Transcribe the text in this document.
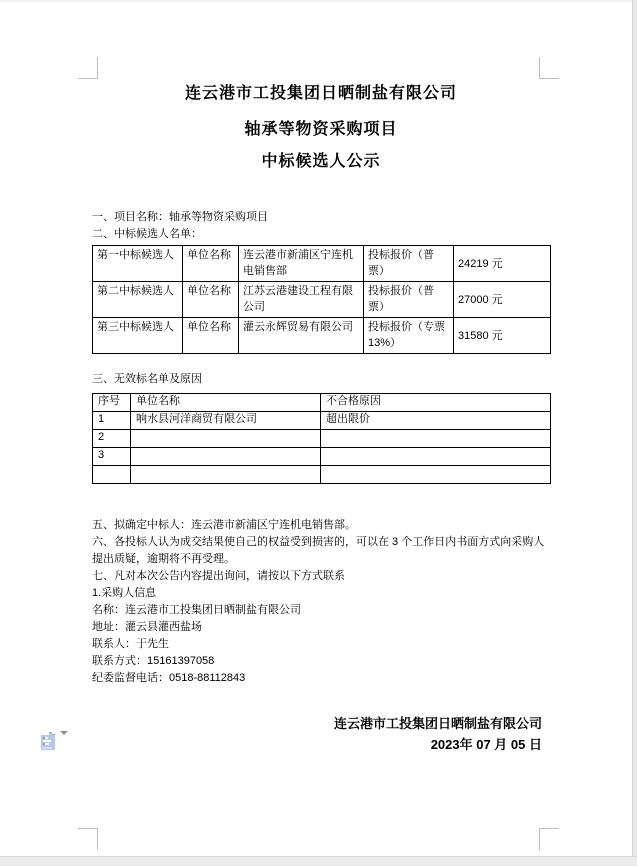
连云港市工投集团日晒制盐有限公司
轴承等物资采购项目
中标候选人公示
一、项目名称：轴承等物资采购项目
二、中标候选人名单：
第一中标候选人	单位名称	连云港市新浦区宁连机电销售部	投标报价（普票）	24219 元
第二中标候选人	单位名称	江苏云港建设工程有限公司	投标报价（普票）	27000 元
第三中标候选人	单位名称	灌云永辉贸易有限公司	投标报价（专票 13%）	31580 元
三、无效标名单及原因
序号	单位名称	不合格原因
1	响水县河洋商贸有限公司	超出限价
2		
3		

五、拟确定中标人：连云港市新浦区宁连机电销售部。
六、各投标人认为成交结果使自己的权益受到损害的，可以在 3 个工作日内书面方式向采购人提出质疑，逾期将不再受理。
七、凡对本次公告内容提出询问，请按以下方式联系
1.采购人信息
名称：连云港市工投集团日晒制盐有限公司
地址：灌云县灌西盐场
联系人：于先生
联系方式：15161397058
纪委监督电话：0518-88112843
连云港市工投集团日晒制盐有限公司
2023年 07 月 05 日
